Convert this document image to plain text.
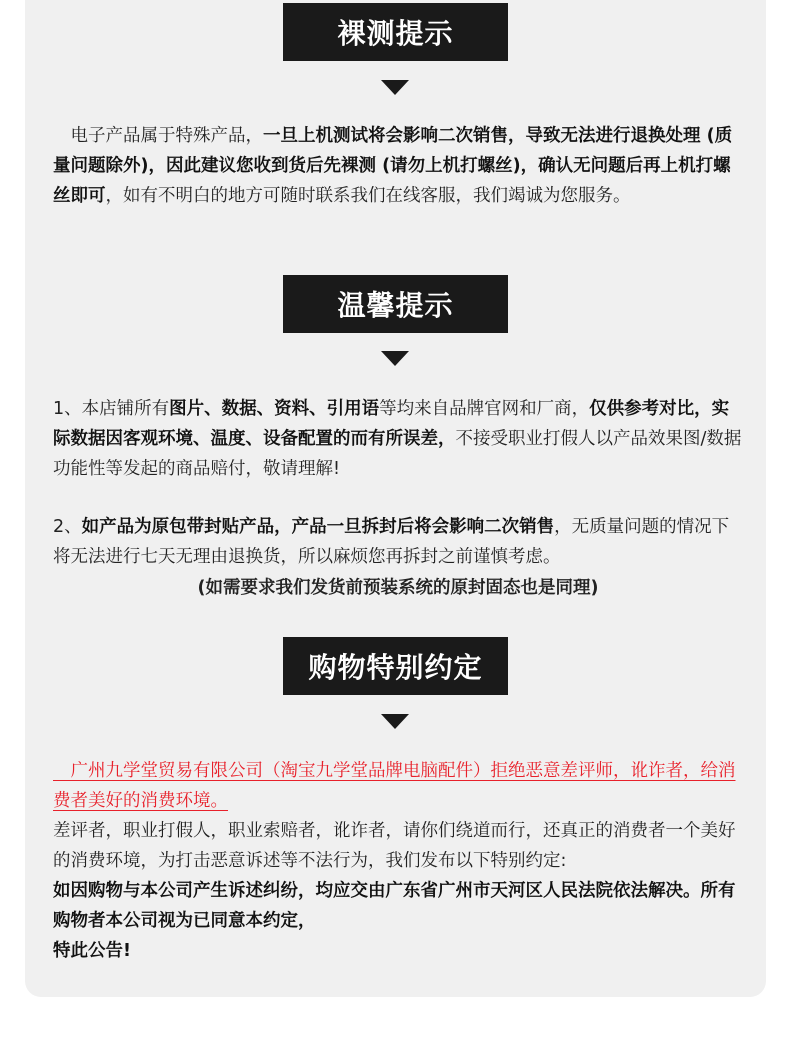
裸测提示
　电子产品属于特殊产品，一旦上机测试将会影响二次销售，导致无法进行退换处理 (质量问题除外)，因此建议您收到货后先裸测 (请勿上机打螺丝)，确认无问题后再上机打螺丝即可，如有不明白的地方可随时联系我们在线客服，我们竭诚为您服务。
温馨提示
1、本店铺所有图片、数据、资料、引用语等均来自品牌官网和厂商，仅供参考对比，实际数据因客观环境、温度、设备配置的而有所误差，不接受职业打假人以产品效果图/数据功能性等发起的商品赔付，敬请理解!
2、如产品为原包带封贴产品，产品一旦拆封后将会影响二次销售，无质量问题的情况下将无法进行七天无理由退换货，所以麻烦您再拆封之前谨慎考虑。
(如需要求我们发货前预装系统的原封固态也是同理)
购物特别约定
　广州九学堂贸易有限公司（淘宝九学堂品牌电脑配件）拒绝恶意差评师，讹诈者，给消费者美好的消费环境。
差评者，职业打假人，职业索赔者，讹诈者，请你们绕道而行，还真正的消费者一个美好的消费环境，为打击恶意诉述等不法行为，我们发布以下特别约定:
如因购物与本公司产生诉述纠纷，均应交由广东省广州市天河区人民法院依法解决。所有购物者本公司视为已同意本约定，
特此公告!
